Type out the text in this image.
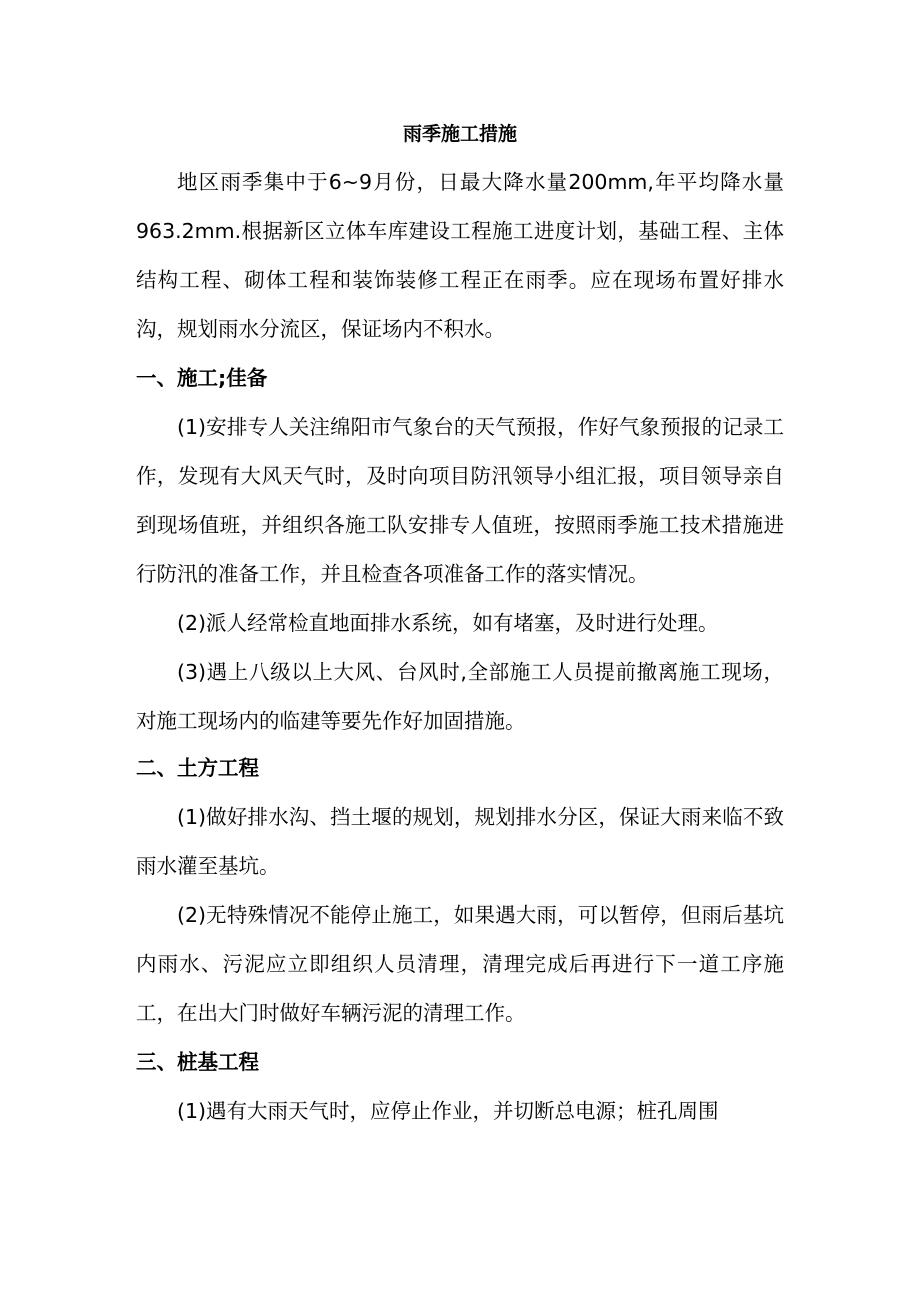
雨季施工措施

地区雨季集中于6~9月份，日最大降水量200mm,年平均降水量963.2mm.根据新区立体车库建设工程施工进度计划，基础工程、主体结构工程、砌体工程和装饰装修工程正在雨季。应在现场布置好排水沟，规划雨水分流区，保证场内不积水。

一、施工;佳备

(1)安排专人关注绵阳市气象台的天气预报，作好气象预报的记录工作，发现有大风天气时，及时向项目防汛领导小组汇报，项目领导亲自到现场值班，并组织各施工队安排专人值班，按照雨季施工技术措施进行防汛的准备工作，并且检查各项准备工作的落实情况。

(2)派人经常检直地面排水系统，如有堵塞，及时进行处理。

(3)遇上八级以上大风、台风时,全部施工人员提前撤离施工现场，对施工现场内的临建等要先作好加固措施。

二、土方工程

(1)做好排水沟、挡土堰的规划，规划排水分区，保证大雨来临不致雨水灌至基坑。

(2)无特殊情况不能停止施工，如果遇大雨，可以暂停，但雨后基坑内雨水、污泥应立即组织人员清理，清理完成后再进行下一道工序施工，在出大门时做好车辆污泥的清理工作。

三、桩基工程

(1)遇有大雨天气时，应停止作业，并切断总电源；桩孔周围
